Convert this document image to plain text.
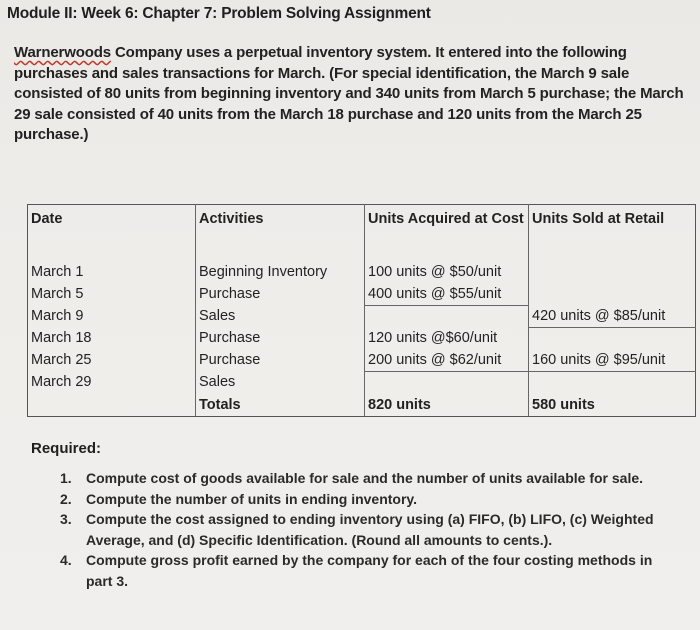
Module II: Week 6: Chapter 7: Problem Solving Assignment
Warnerwoods Company uses a perpetual inventory system. It entered into the following purchases and sales transactions for March. (For special identification, the March 9 sale consisted of 80 units from beginning inventory and 340 units from March 5 purchase; the March 29 sale consisted of 40 units from the March 18 purchase and 120 units from the March 25 purchase.)
Date	Activities	Units Acquired at Cost	Units Sold at Retail
March 1	Beginning Inventory	100 units @ $50/unit	
March 5	Purchase	400 units @ $55/unit	
March 9	Sales		420 units @ $85/unit
March 18	Purchase	120 units @$60/unit	
March 25	Purchase	200 units @ $62/unit	160 units @ $95/unit
March 29	Sales		
	Totals	820 units	580 units
Required:
1. Compute cost of goods available for sale and the number of units available for sale.
2. Compute the number of units in ending inventory.
3. Compute the cost assigned to ending inventory using (a) FIFO, (b) LIFO, (c) Weighted Average, and (d) Specific Identification. (Round all amounts to cents.).
4. Compute gross profit earned by the company for each of the four costing methods in part 3.
